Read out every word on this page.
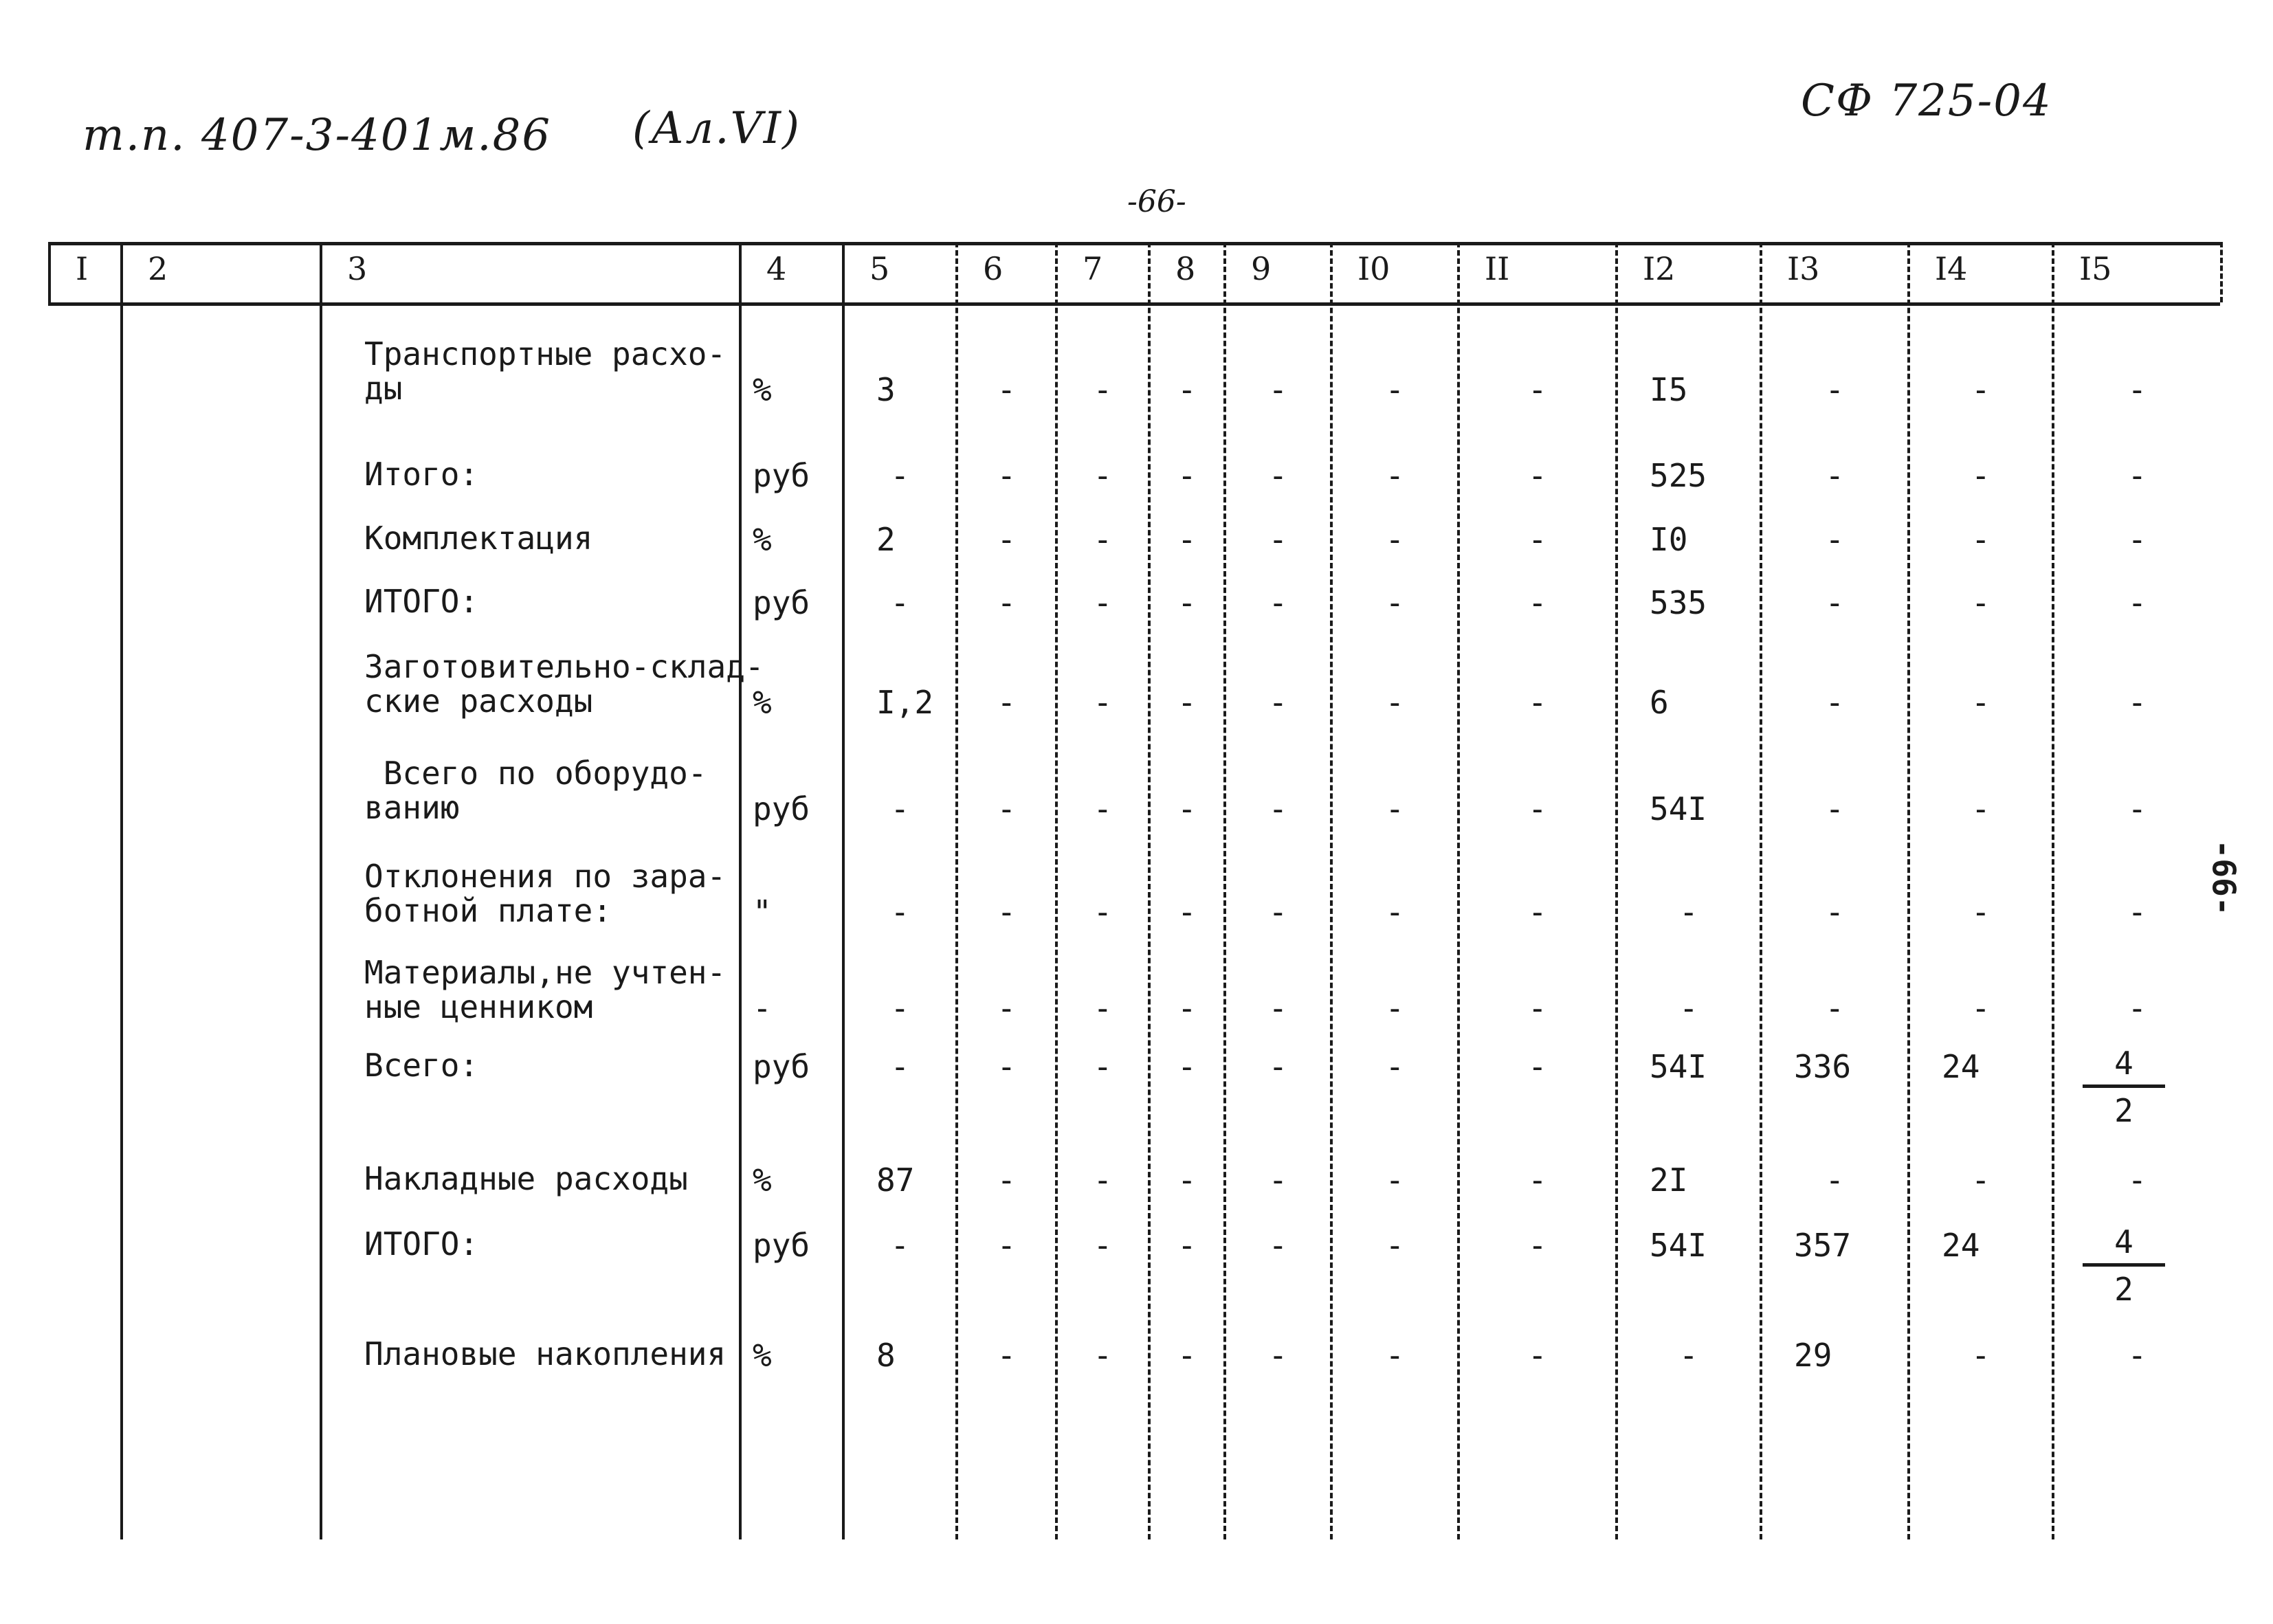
т.п. 407-3-401м.86 (Ал.VI)
СФ 725-04
-66-
-66-
I 2	3	4	5	6	7 8 9	I0	II	I2	I3	I4	I5
Транспортные расхо-
ды	%	3	- - - -	-	-	I5	-	-	-
Итого:	руб	-	- - - -	-	-	525	-	-	-
Комплектация	%	2	- - - -	-	-	I0	-	-	-
ИТОГО:	руб	-	- - - -	-	-	535	-	-	-
Заготовительно-склад-
ские расходы	%	I,2 - - - -	-	-	6	-	-	-
Всего по оборудо-
ванию	руб	-	- - - -	-	-	54I	-	-	-
Отклонения по зара-
ботной плате:	"	-	- - - -	-	-	-	-	-	-
Материалы,не учтен-
ные ценником	-	-	- - - -	-	-	-	-	-	-
Всего:	руб	-	- - - -	-	-	54I	336	24	$\frac{4}{2}$
Накладные расходы %	87	- - - -	-	-	2I	-	-	-
ИТОГО:	руб	-	- - - -	-	-	54I	357	24	$\frac{4}{2}$
Плановые накопления %	8	- - - -	-	-	-	29	-	-
